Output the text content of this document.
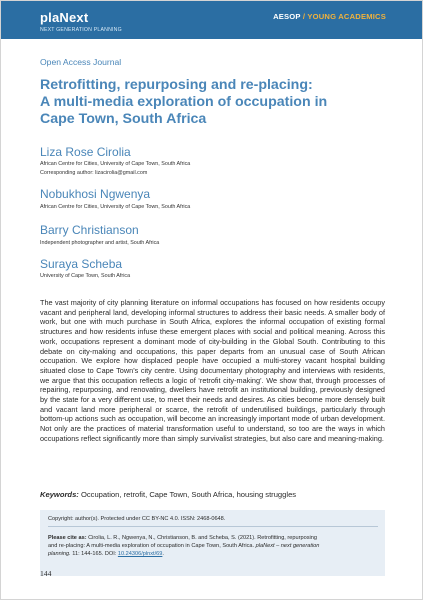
plaNext
NEXT GENERATION PLANNING
AESOP / YOUNG ACADEMICS
Open Access Journal
Retrofitting, repurposing and re-placing:
A multi-media exploration of occupation in
Cape Town, South Africa
Liza Rose Cirolia
African Centre for Cities, University of Cape Town, South Africa
Corresponding author: lizacirolia@gmail.com
Nobukhosi Ngwenya
African Centre for Cities, University of Cape Town, South Africa
Barry Christianson
Independent photographer and artist, South Africa
Suraya Scheba
University of Cape Town, South Africa

The vast majority of city planning literature on informal occupations has focused on how residents occupy vacant and peripheral land, developing informal structures to address their basic needs. A smaller body of work, but one with much purchase in South Africa, explores the informal occupation of existing formal structures and how residents infuse these emergent places with social and political meaning. Across this work, occupations represent a dominant mode of city-building in the Global South. Contributing to this debate on city-making and occupations, this paper departs from an unusual case of South African occupation. We explore how displaced people have occupied a multi-storey vacant hospital building situated close to Cape Town’s city centre. Using documentary photography and interviews with residents, we argue that this occupation reflects a logic of ‘retrofit city-making’. We show that, through processes of repairing, repurposing, and renovating, dwellers have retrofit an institutional building, previously designed by the state for a very different use, to meet their needs and desires. As cities become more densely built and vacant land more peripheral or scarce, the retrofit of underutilised buildings, particularly through bottom-up actions such as occupation, will become an increasingly important mode of urban development. Not only are the practices of material transformation useful to understand, so too are the ways in which occupations reflect significantly more than simply survivalist strategies, but also care and meaning-making.

Keywords: Occupation, retrofit, Cape Town, South Africa, housing struggles
Copyright: author(s). Protected under CC BY-NC 4.0. ISSN: 2468-0648.

Please cite as: Cirolia, L. R., Ngwenya, N., Christianson, B. and Scheba, S. (2021). Retrofitting, repurposing
and re-placing: A multi-media exploration of occupation in Cape Town, South Africa. plaNext – next generation
planning. 11: 144-165. DOI: 10.24306/plnxt/69.

144
